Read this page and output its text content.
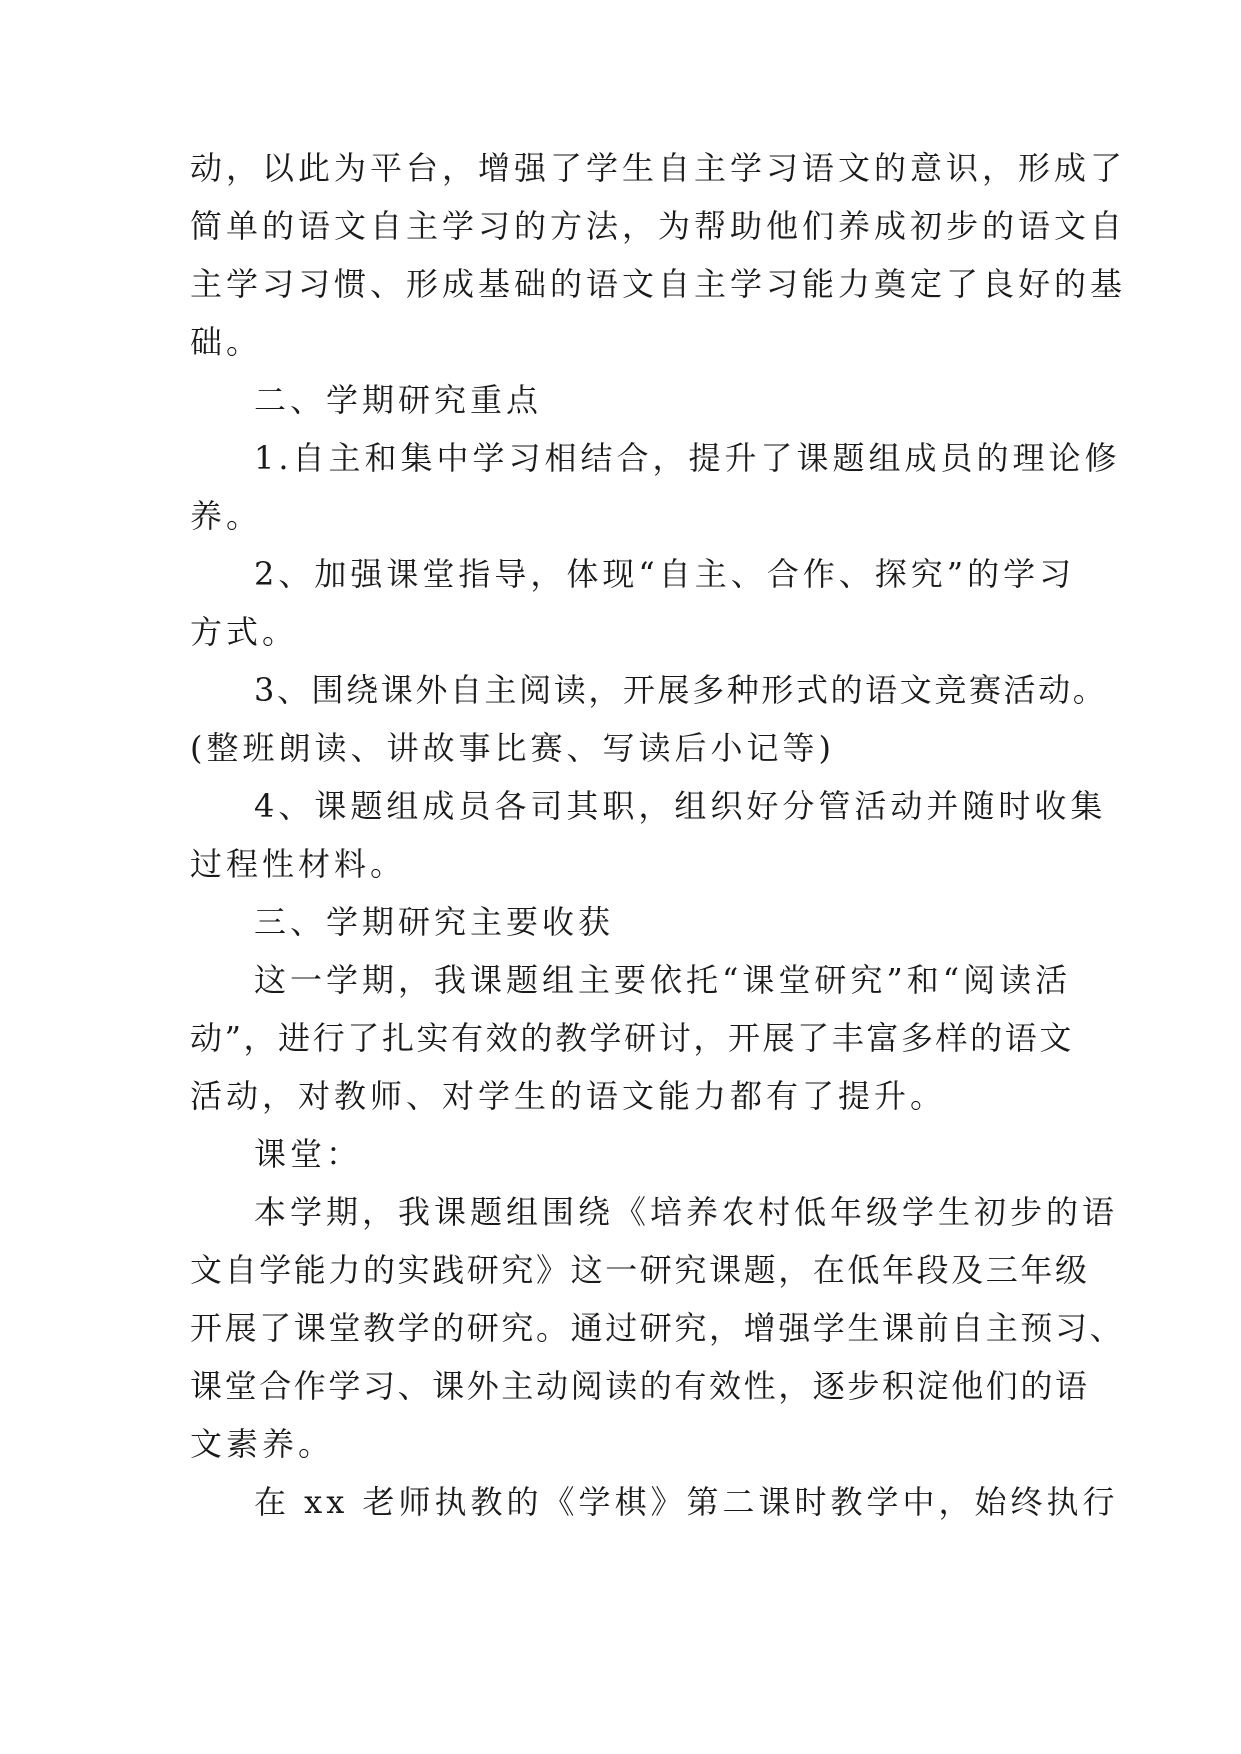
动，以此为平台，增强了学生自主学习语文的意识，形成了
简单的语文自主学习的方法，为帮助他们养成初步的语文自
主学习习惯、形成基础的语文自主学习能力奠定了良好的基
础。
二、学期研究重点
1.自主和集中学习相结合，提升了课题组成员的理论修
养。
2、加强课堂指导，体现“自主、合作、探究”的学习
方式。
3、围绕课外自主阅读，开展多种形式的语文竞赛活动。
(整班朗读、讲故事比赛、写读后小记等)
4、课题组成员各司其职，组织好分管活动并随时收集
过程性材料。
三、学期研究主要收获
这一学期，我课题组主要依托“课堂研究”和“阅读活
动”，进行了扎实有效的教学研讨，开展了丰富多样的语文
活动，对教师、对学生的语文能力都有了提升。
课堂：
本学期，我课题组围绕《培养农村低年级学生初步的语
文自学能力的实践研究》这一研究课题，在低年段及三年级
开展了课堂教学的研究。通过研究，增强学生课前自主预习、
课堂合作学习、课外主动阅读的有效性，逐步积淀他们的语
文素养。
在 xx 老师执教的《学棋》第二课时教学中，始终执行
